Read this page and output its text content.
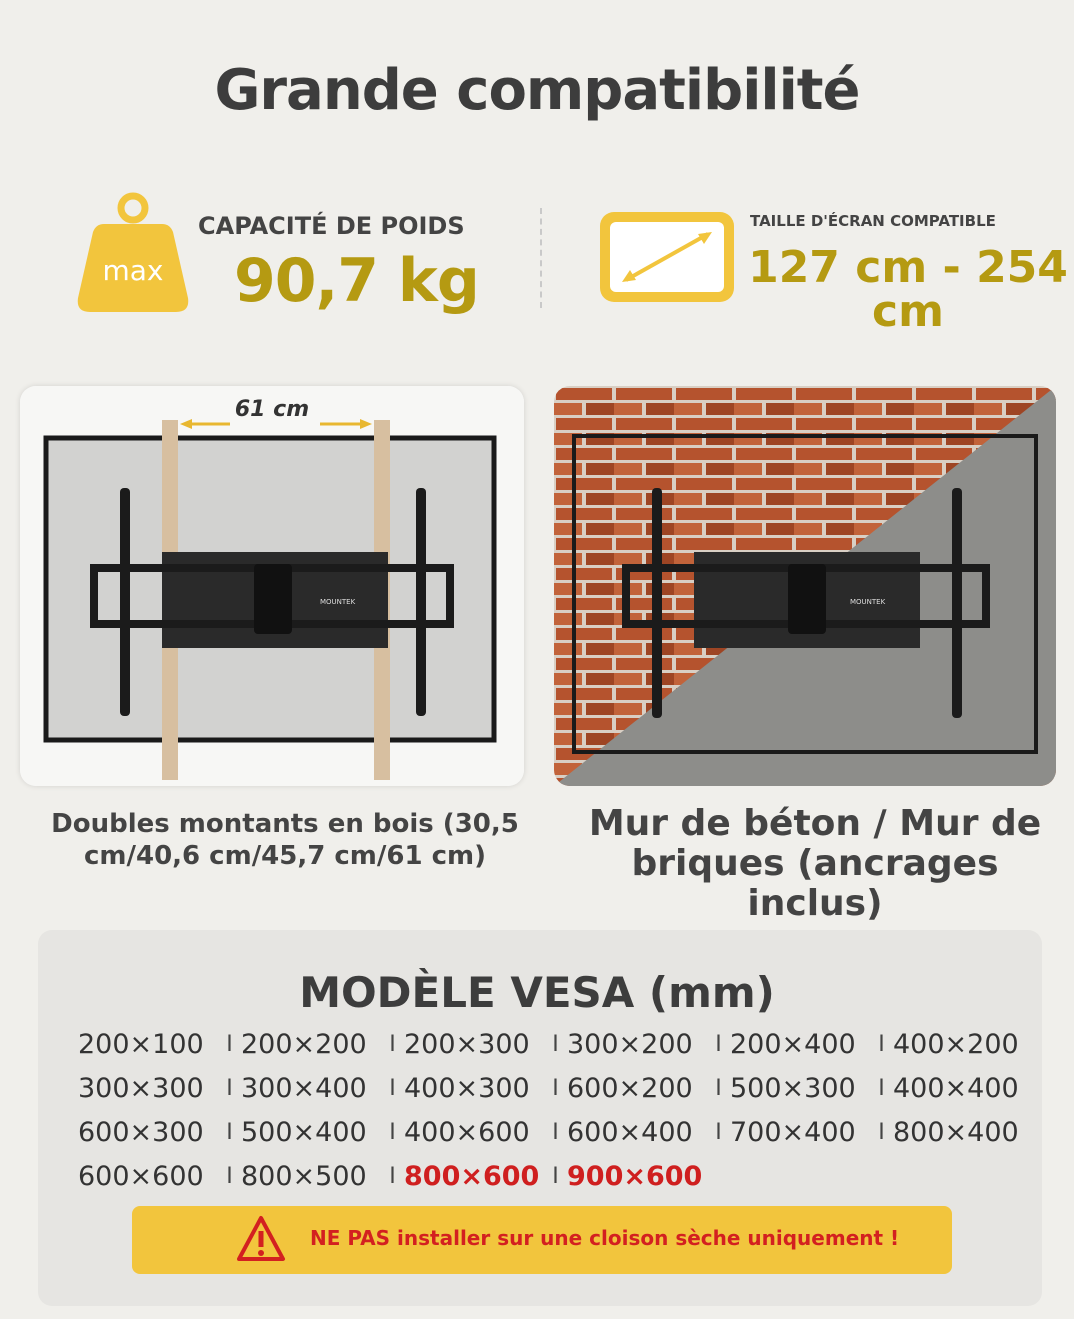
Grande compatibilité
max
CAPACITÉ DE POIDS
90,7 kg
TAILLE D'ÉCRAN COMPATIBLE
127 cm - 254 cm
61 cm
MOUNTEK
Doubles montants en bois (30,5 cm/40,6 cm/45,7 cm/61 cm)
MOUNTEK
Mur de béton / Mur de briques (ancrages inclus)
MODÈLE VESA (mm)
200×100	I 200×200	I 200×300	I 300×200	I 200×400	I 400×200
300×300	I 300×400	I 400×300	I 600×200	I 500×300	I 400×400
600×300	I 500×400	I 400×600	I 600×400	I 700×400	I 800×400
600×600	I 800×500	I 800×600 I 900×600
NE PAS installer sur une cloison sèche uniquement !
